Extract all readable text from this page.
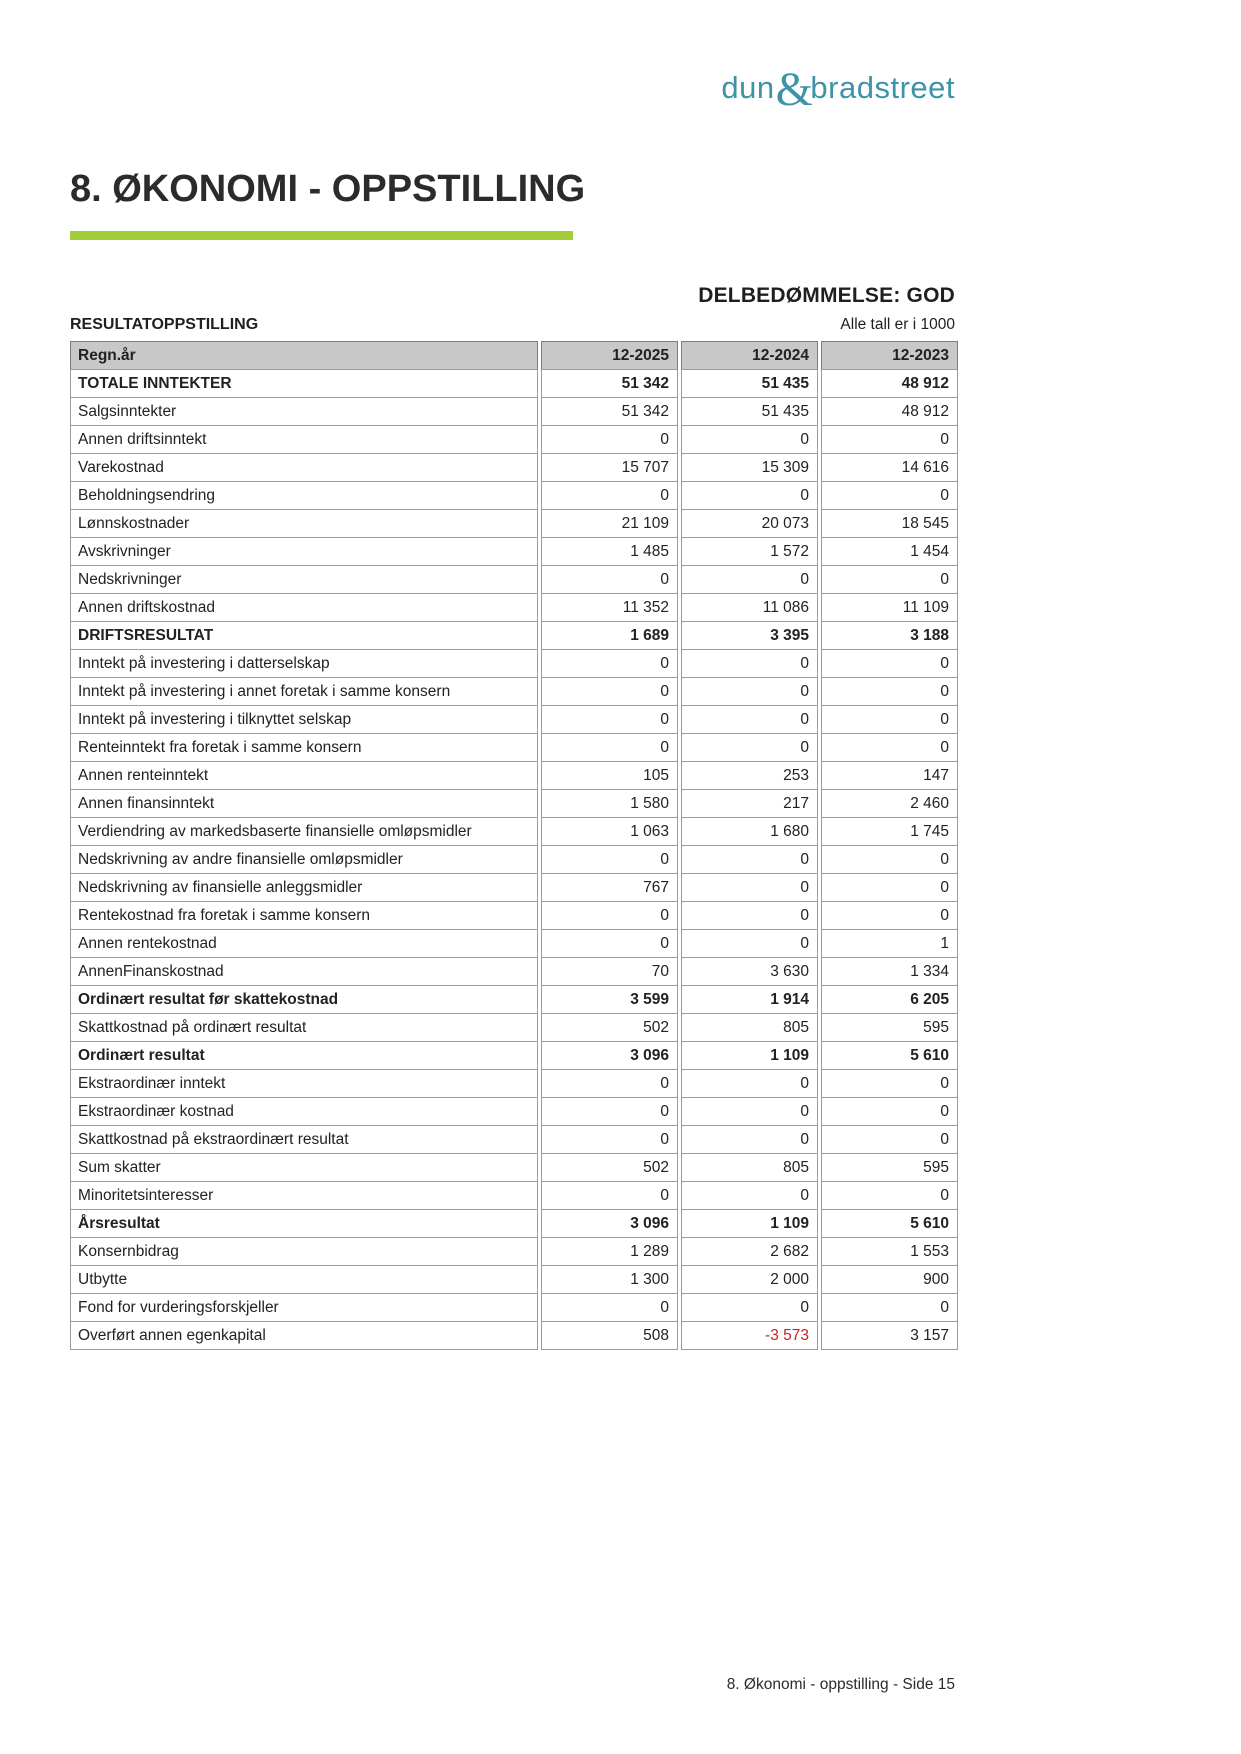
dun&bradstreet
8. ØKONOMI - OPPSTILLING
DELBEDØMMELSE: GOD
RESULTATOPPSTILLING	Alle tall er i 1000
Regn.år	12-2025	12-2024	12-2023
TOTALE INNTEKTER	51 342	51 435	48 912
Salgsinntekter	51 342	51 435	48 912
Annen driftsinntekt	0	0	0
Varekostnad	15 707	15 309	14 616
Beholdningsendring	0	0	0
Lønnskostnader	21 109	20 073	18 545
Avskrivninger	1 485	1 572	1 454
Nedskrivninger	0	0	0
Annen driftskostnad	11 352	11 086	11 109
DRIFTSRESULTAT	1 689	3 395	3 188
Inntekt på investering i datterselskap	0	0	0
Inntekt på investering i annet foretak i samme konsern	0	0	0
Inntekt på investering i tilknyttet selskap	0	0	0
Renteinntekt fra foretak i samme konsern	0	0	0
Annen renteinntekt	105	253	147
Annen finansinntekt	1 580	217	2 460
Verdiendring av markedsbaserte finansielle omløpsmidler	1 063	1 680	1 745
Nedskrivning av andre finansielle omløpsmidler	0	0	0
Nedskrivning av finansielle anleggsmidler	767	0	0
Rentekostnad fra foretak i samme konsern	0	0	0
Annen rentekostnad	0	0	1
AnnenFinanskostnad	70	3 630	1 334
Ordinært resultat før skattekostnad	3 599	1 914	6 205
Skattkostnad på ordinært resultat	502	805	595
Ordinært resultat	3 096	1 109	5 610
Ekstraordinær inntekt	0	0	0
Ekstraordinær kostnad	0	0	0
Skattkostnad på ekstraordinært resultat	0	0	0
Sum skatter	502	805	595
Minoritetsinteresser	0	0	0
Årsresultat	3 096	1 109	5 610
Konsernbidrag	1 289	2 682	1 553
Utbytte	1 300	2 000	900
Fond for vurderingsforskjeller	0	0	0
Overført annen egenkapital	508	-3 573	3 157
8. Økonomi - oppstilling - Side 15
